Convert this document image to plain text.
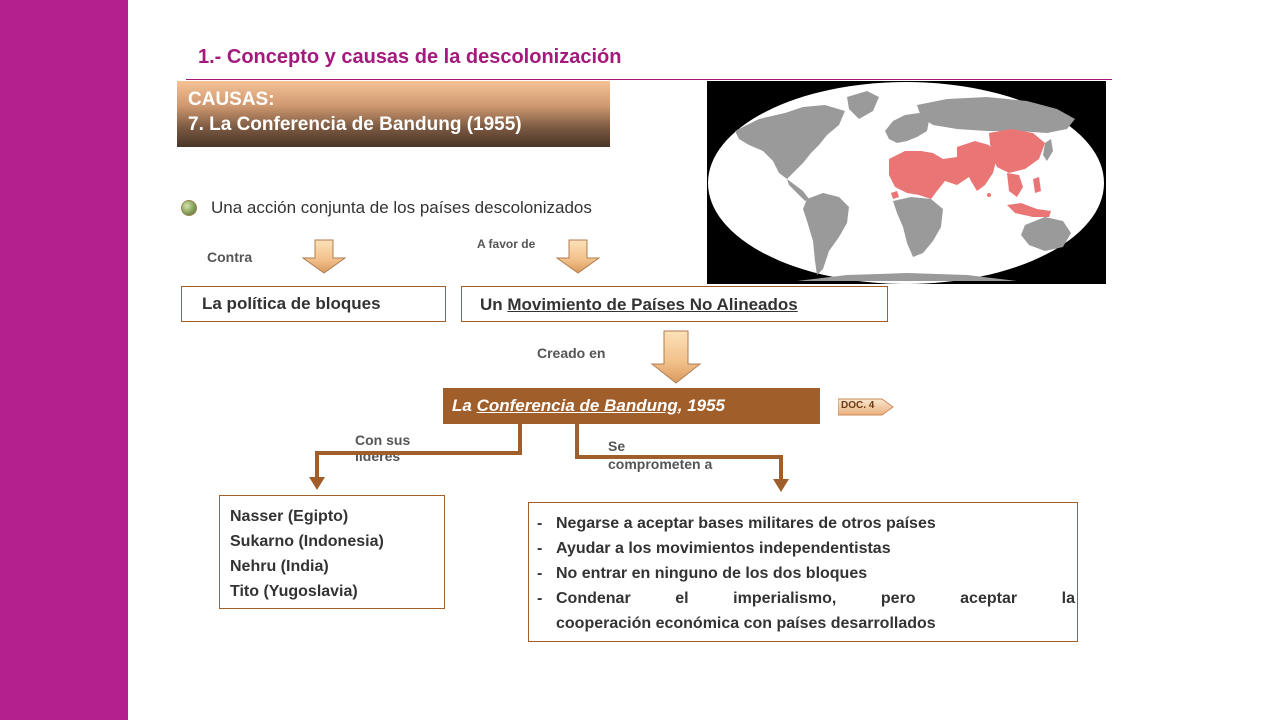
1.- Concepto y causas de la descolonización
CAUSAS:
7. La Conferencia de Bandung (1955)
Una acción conjunta de los países descolonizados
Contra
A favor de
La política de bloques	Un Movimiento de Países No Alineados
Creado en
La Conferencia de Bandung, 1955	DOC. 4
Con sus
líderes
Se
comprometen a
Nasser (Egipto)
Sukarno (Indonesia)
Nehru (India)
Tito (Yugoslavia)
- Negarse a aceptar bases militares de otros países
- Ayudar a los movimientos independentistas
- No entrar en ninguno de los dos bloques
- Condenar el imperialismo, pero aceptar la
cooperación económica con países desarrollados
